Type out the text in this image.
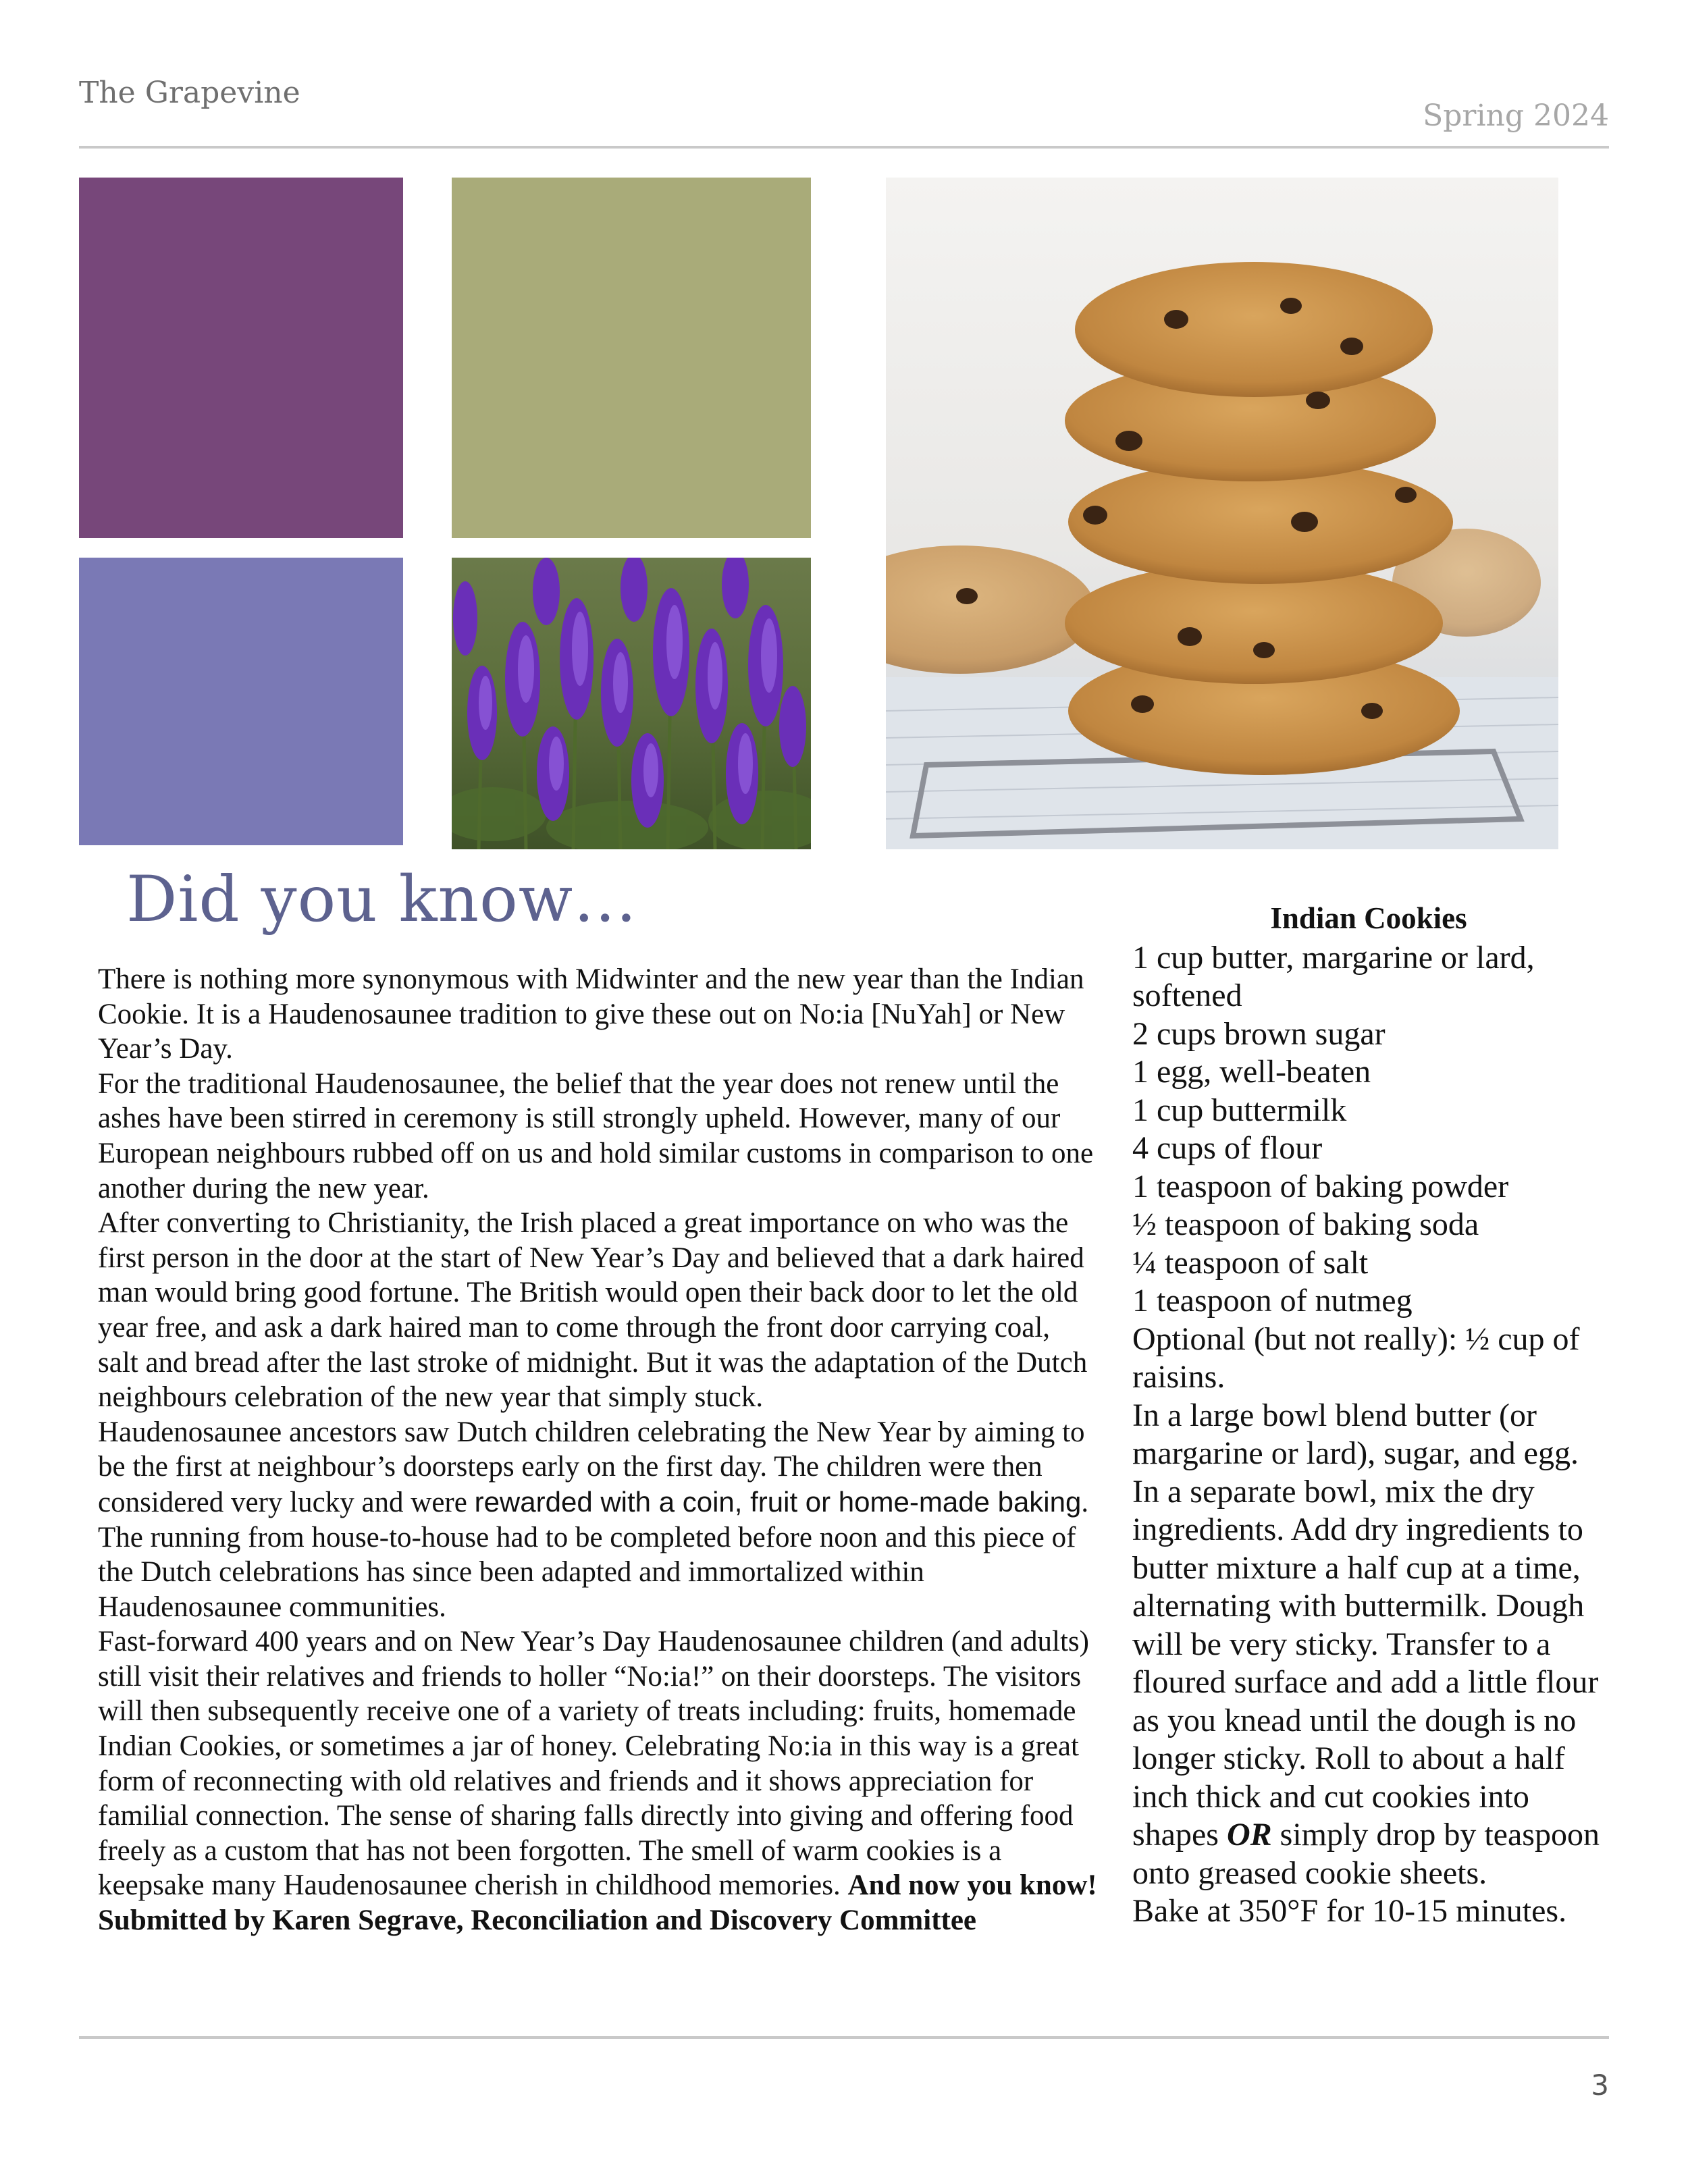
The Grapevine
Spring 2024
Did you know…

There is nothing more synonymous with Midwinter and the new year than the Indian Cookie. It is a Haudenosaunee tradition to give these out on No:ia [NuYah] or New Year’s Day.

For the traditional Haudenosaunee, the belief that the year does not renew until the ashes have been stirred in ceremony is still strongly upheld. However, many of our European neighbours rubbed off on us and hold similar customs in comparison to one another during the new year.

After converting to Christianity, the Irish placed a great importance on who was the first person in the door at the start of New Year’s Day and believed that a dark haired man would bring good fortune. The British would open their back door to let the old year free, and ask a dark haired man to come through the front door carrying coal, salt and bread after the last stroke of midnight. But it was the adaptation of the Dutch neighbours celebration of the new year that simply stuck.

Haudenosaunee ancestors saw Dutch children celebrating the New Year by aiming to be the first at neighbour’s doorsteps early on the first day. The children were then considered very lucky and were rewarded with a coin, fruit or home-made baking. The running from house-to-house had to be completed before noon and this piece of the Dutch celebrations has since been adapted and immortalized within Haudenosaunee communities.

Fast-forward 400 years and on New Year’s Day Haudenosaunee children (and adults) still visit their relatives and friends to holler “No:ia!” on their doorsteps. The visitors will then subsequently receive one of a variety of treats including: fruits, homemade Indian Cookies, or sometimes a jar of honey. Celebrating No:ia in this way is a great form of reconnecting with old relatives and friends and it shows appreciation for familial connection. The sense of sharing falls directly into giving and offering food freely as a custom that has not been forgotten. The smell of warm cookies is a keepsake many Haudenosaunee cherish in childhood memories. And now you know! Submitted by Karen Segrave, Reconciliation and Discovery Committee

Indian Cookies
1 cup butter, margarine or lard, softened
2 cups brown sugar
1 egg, well-beaten
1 cup buttermilk
4 cups of flour
1 teaspoon of baking powder
½ teaspoon of baking soda
¼ teaspoon of salt
1 teaspoon of nutmeg
Optional (but not really): ½ cup of raisins.
In a large bowl blend butter (or margarine or lard), sugar, and egg. In a separate bowl, mix the dry ingredients. Add dry ingredients to butter mixture a half cup at a time, alternating with buttermilk. Dough will be very sticky. Transfer to a floured surface and add a little flour as you knead until the dough is no longer sticky. Roll to about a half inch thick and cut cookies into shapes OR simply drop by teaspoon onto greased cookie sheets.
Bake at 350°F for 10-15 minutes.
3
